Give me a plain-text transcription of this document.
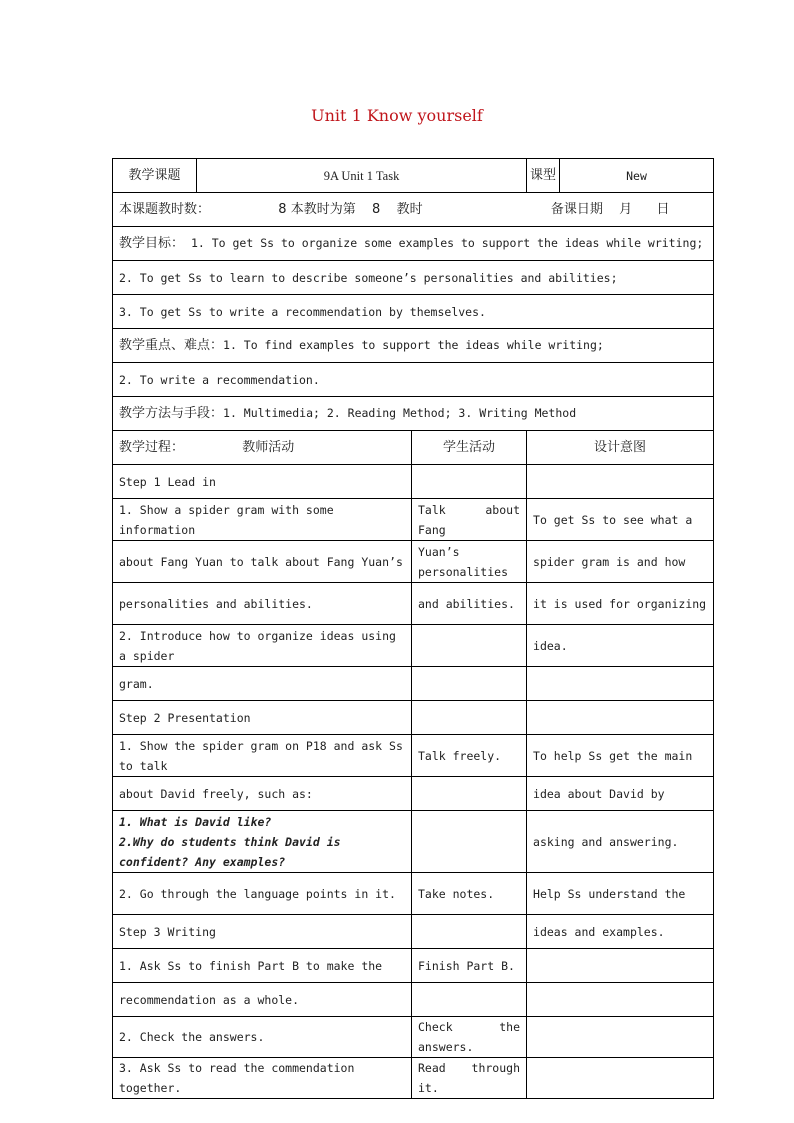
Unit 1 Know yourself
教学课题	9A Unit 1 Task		课型	New
本课题教时数： 8 本教时为第 8 教时 备课日期 月 日				
教学目标： 1. To get Ss to organize some examples to support the ideas while writing;				
2. To get Ss to learn to describe someone’s personalities and abilities;				
3. To get Ss to write a recommendation by themselves.				
教学重点、难点：1. To find examples to support the ideas while writing;				
2. To write a recommendation.				
教学方法与手段：1. Multimedia; 2. Reading Method; 3. Writing Method				
教学过程： 教师活动		学生活动	设计意图	
Step 1 Lead in				
1. Show a spider gram with some information		Talk about Fang	To get Ss to see what a	
about Fang Yuan to talk about Fang Yuan’s		Yuan’s personalities	spider gram is and how	
personalities and abilities.		and abilities.	it is used for organizing	
2. Introduce how to organize ideas using a spider			idea.	
gram.				
Step 2 Presentation				
1. Show the spider gram on P18 and ask Ss to talk		Talk freely.	To help Ss get the main	
about David freely, such as:			idea about David by	
1. What is David like?
2.Why do students think David is confident? Any examples?			asking and answering.	
2. Go through the language points in it.		Take notes.	Help Ss understand the	
Step 3 Writing			ideas and examples.	
1. Ask Ss to finish Part B to make the		Finish Part B.		
recommendation as a whole.				
2. Check the answers.		Check the answers.		
3. Ask Ss to read the commendation together.		Read through it.		
